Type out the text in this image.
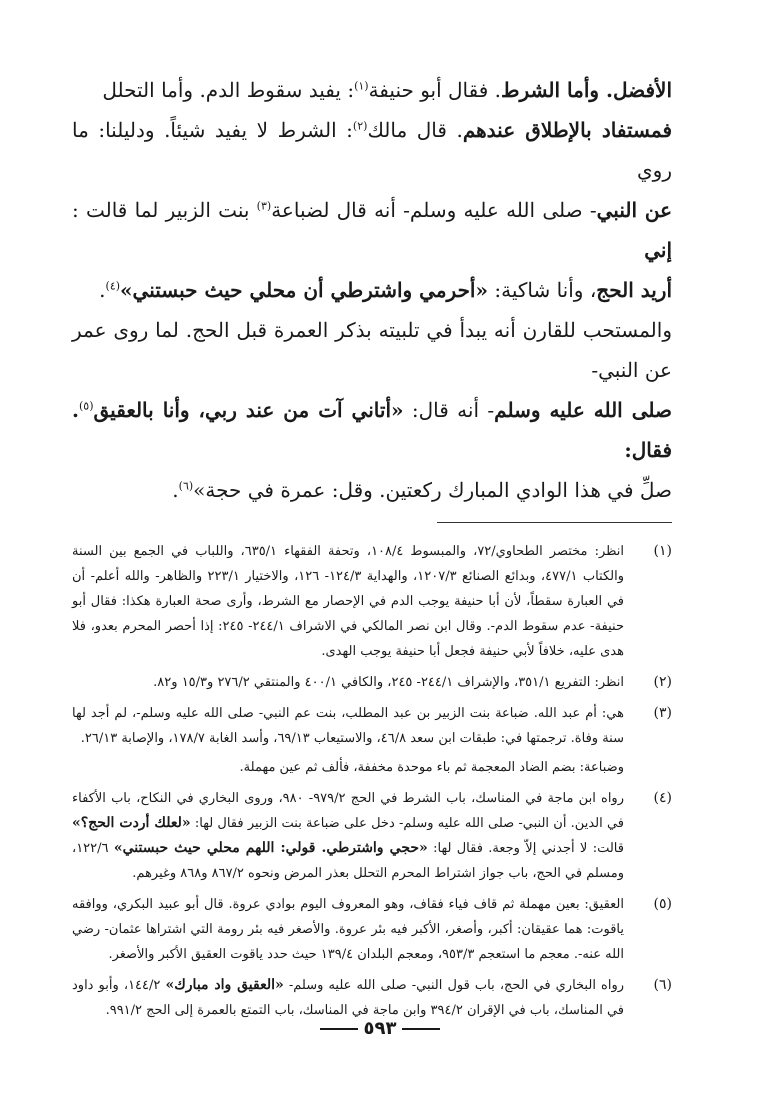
الأفضل. وأما الشرط. فقال أبو حنيفة$^{(١)}$: يفيد سقوط الدم. وأما التحلل
فمستفاد بالإطلاق عندهم. قال مالك$^{(٢)}$: الشرط لا يفيد شيئاً. ودليلنا: ما روي
عن النبي- صلى الله عليه وسلم- أنه قال لضباعة$^{(٣)}$ بنت الزبير لما قالت : إني
أريد الحج، وأنا شاكية: «أحرمي واشترطي أن محلي حيث حبستني»$^{(٤)}$.
والمستحب للقارن أنه يبدأ في تلبيته بذكر العمرة قبل الحج. لما روى عمر عن النبي-
صلى الله عليه وسلم- أنه قال: «أتاني آت من عند ربي، وأنا بالعقيق$^{(٥)}$. فقال:
صلِّ في هذا الوادي المبارك ركعتين. وقل: عمرة في حجة»$^{(٦)}$.
(١)

انظر: مختصر الطحاوي/٧٢، والمبسوط ١٠٨/٤، وتحفة الفقهاء ٦٣٥/١، واللباب في الجمع بين السنة والكتاب ٤٧٧/١، وبدائع الصنائع ١٢٠٧/٣، والهداية ١٢٤/٣- ١٢٦، والاختيار ٢٢٣/١ والظاهر- والله أعلم- أن في العبارة سقطاً، لأن أبا حنيفة يوجب الدم في الإحصار مع الشرط، وأرى صحة العبارة هكذا: فقال أبو حنيفة- عدم سقوط الدم-. وقال ابن نصر المالكي في الاشراف ٢٤٤/١- ٢٤٥: إذا أحصر المحرم بعدو، فلا هدى عليه، خلافاً لأبي حنيفة فجعل أبا حنيفة يوجب الهدى.

(٢)

انظر: التفريع ٣٥١/١، والإشراف ٢٤٤/١- ٢٤٥، والكافي ٤٠٠/١ والمنتقي ٢٧٦/٢ و١٥/٣ و٨٢.

(٣)

هي: أم عبد الله. ضباعة بنت الزبير بن عبد المطلب، بنت عم النبي- صلى الله عليه وسلم-، لم أجد لها سنة وفاة. ترجمتها في: طبقات ابن سعد ٤٦/٨، والاستيعاب ٦٩/١٣، وأسد الغابة ١٧٨/٧، والإصابة ٢٦/١٣.

وضباعة: بضم الضاد المعجمة ثم باء موحدة مخففة، فألف ثم عين مهملة.
(٤)

رواه ابن ماجة في المناسك، باب الشرط في الحج ٩٧٩/٢- ٩٨٠، وروى البخاري في النكاح، باب الأكفاء في الدين. أن النبي- صلى الله عليه وسلم- دخل على ضباعة بنت الزبير فقال لها: «لعلك أردت الحج؟» قالت: لا أجدني إلاّ وجعة. فقال لها: «حجي واشترطي. قولي: اللهم محلي حيث حبستني» ١٢٢/٦، ومسلم في الحج، باب جواز اشتراط المحرم التحلل بعذر المرض ونحوه ٨٦٧/٢ و٨٦٨ وغيرهم.

(٥)

العقيق: بعين مهملة ثم قاف فياء فقاف، وهو المعروف اليوم بوادي عروة. قال أبو عبيد البكري، ووافقه ياقوت: هما عقيقان: أكبر، وأصغر، الأكبر فيه بئر عروة. والأصغر فيه بئر رومة التي اشتراها عثمان- رضي الله عنه-. معجم ما استعجم ٩٥٣/٣، ومعجم البلدان ١٣٩/٤ حيث حدد ياقوت العقيق الأكبر والأصغر.

(٦)

رواه البخاري في الحج، باب قول النبي- صلى الله عليه وسلم- «العقيق واد مبارك» ١٤٤/٢، وأبو داود في المناسك، باب في الإقران ٣٩٤/٢ وابن ماجة في المناسك، باب التمتع بالعمرة إلى الحج ٩٩١/٢.

٥٩٣
